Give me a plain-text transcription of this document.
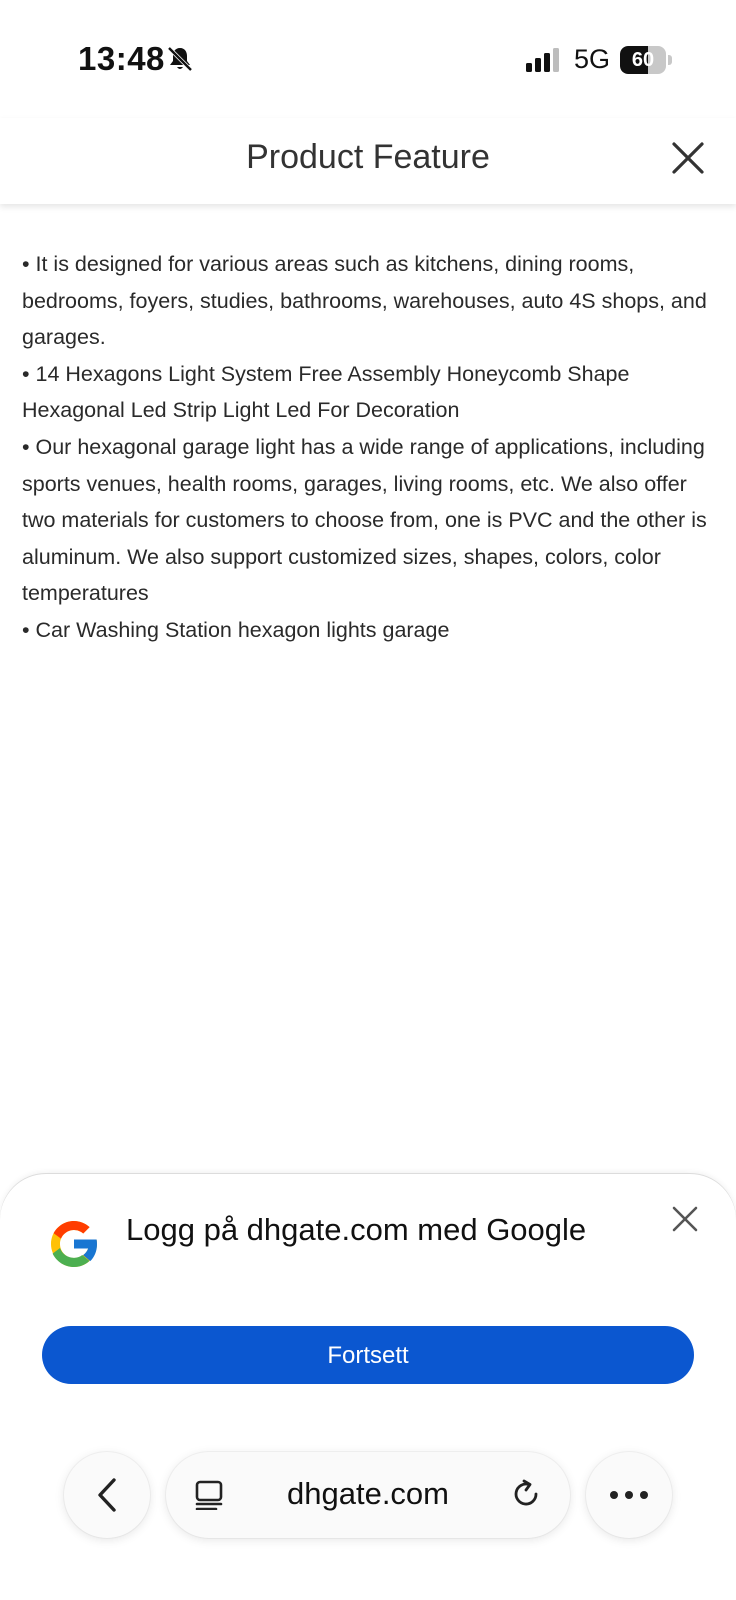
13:48	5G	60
Product Feature

• It is designed for various areas such as kitchens, dining rooms, bedrooms, foyers, studies, bathrooms, warehouses, auto 4S shops, and garages.

• 14 Hexagons Light System Free Assembly Honeycomb Shape Hexagonal Led Strip Light Led For Decoration

• Our hexagonal garage light has a wide range of applications, including sports venues, health rooms, garages, living rooms, etc. We also offer two materials for customers to choose from, one is PVC and the other is aluminum. We also support customized sizes, shapes, colors, color temperatures

• Car Washing Station hexagon lights garage

Logg på dhgate.com med Google
Fortsett
dhgate.com
